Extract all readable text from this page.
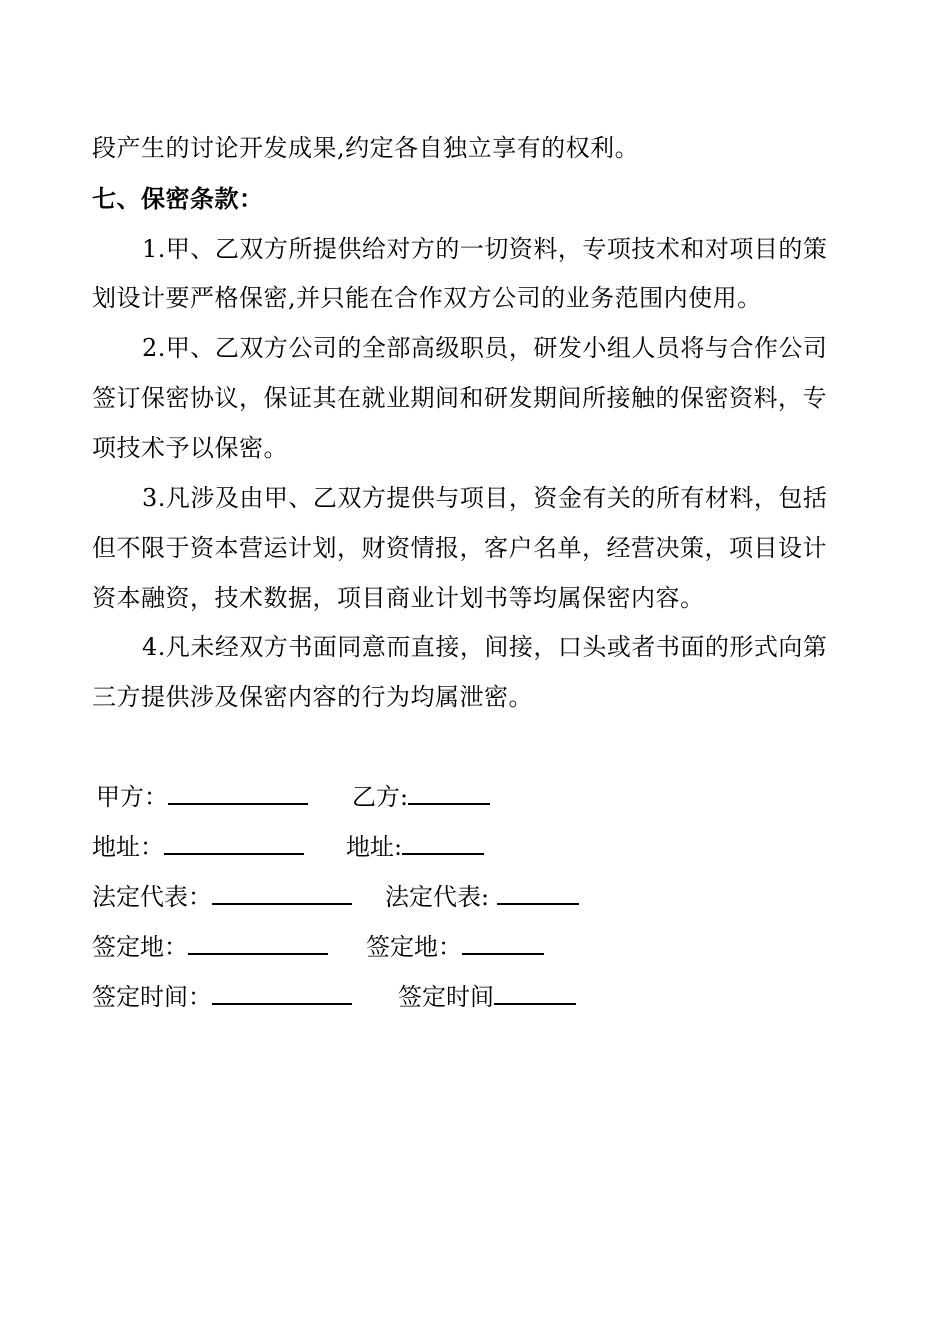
段产生的讨论开发成果,约定各自独立享有的权利。
七、保密条款：
1.甲、乙双方所提供给对方的一切资料，专项技术和对项目的策
划设计要严格保密,并只能在合作双方公司的业务范围内使用。
2.甲、乙双方公司的全部高级职员，研发小组人员将与合作公司
签订保密协议，保证其在就业期间和研发期间所接触的保密资料，专
项技术予以保密。
3.凡涉及由甲、乙双方提供与项目，资金有关的所有材料，包括
但不限于资本营运计划，财资情报，客户名单，经营决策，项目设计
资本融资，技术数据，项目商业计划书等均属保密内容。
4.凡未经双方书面同意而直接，间接，口头或者书面的形式向第
三方提供涉及保密内容的行为均属泄密。
甲方：	乙方:
地址：	地址:
法定代表：	法定代表:
签定地：	签定地：
签定时间：	签定时间
